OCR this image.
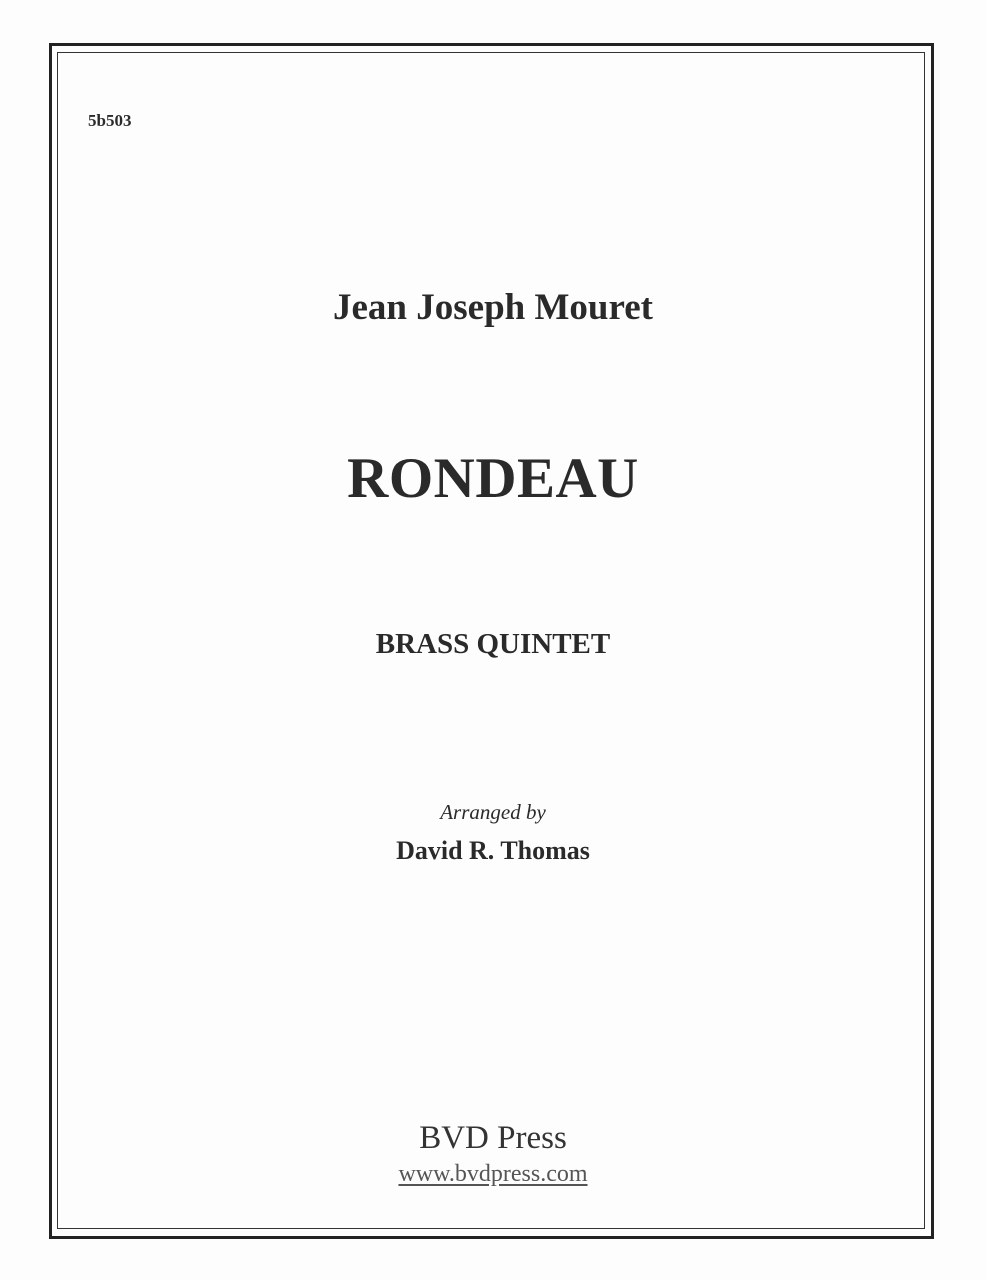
5b503
Jean Joseph Mouret
RONDEAU
BRASS QUINTET
Arranged by
David R. Thomas
BVD Press
www.bvdpress.com
